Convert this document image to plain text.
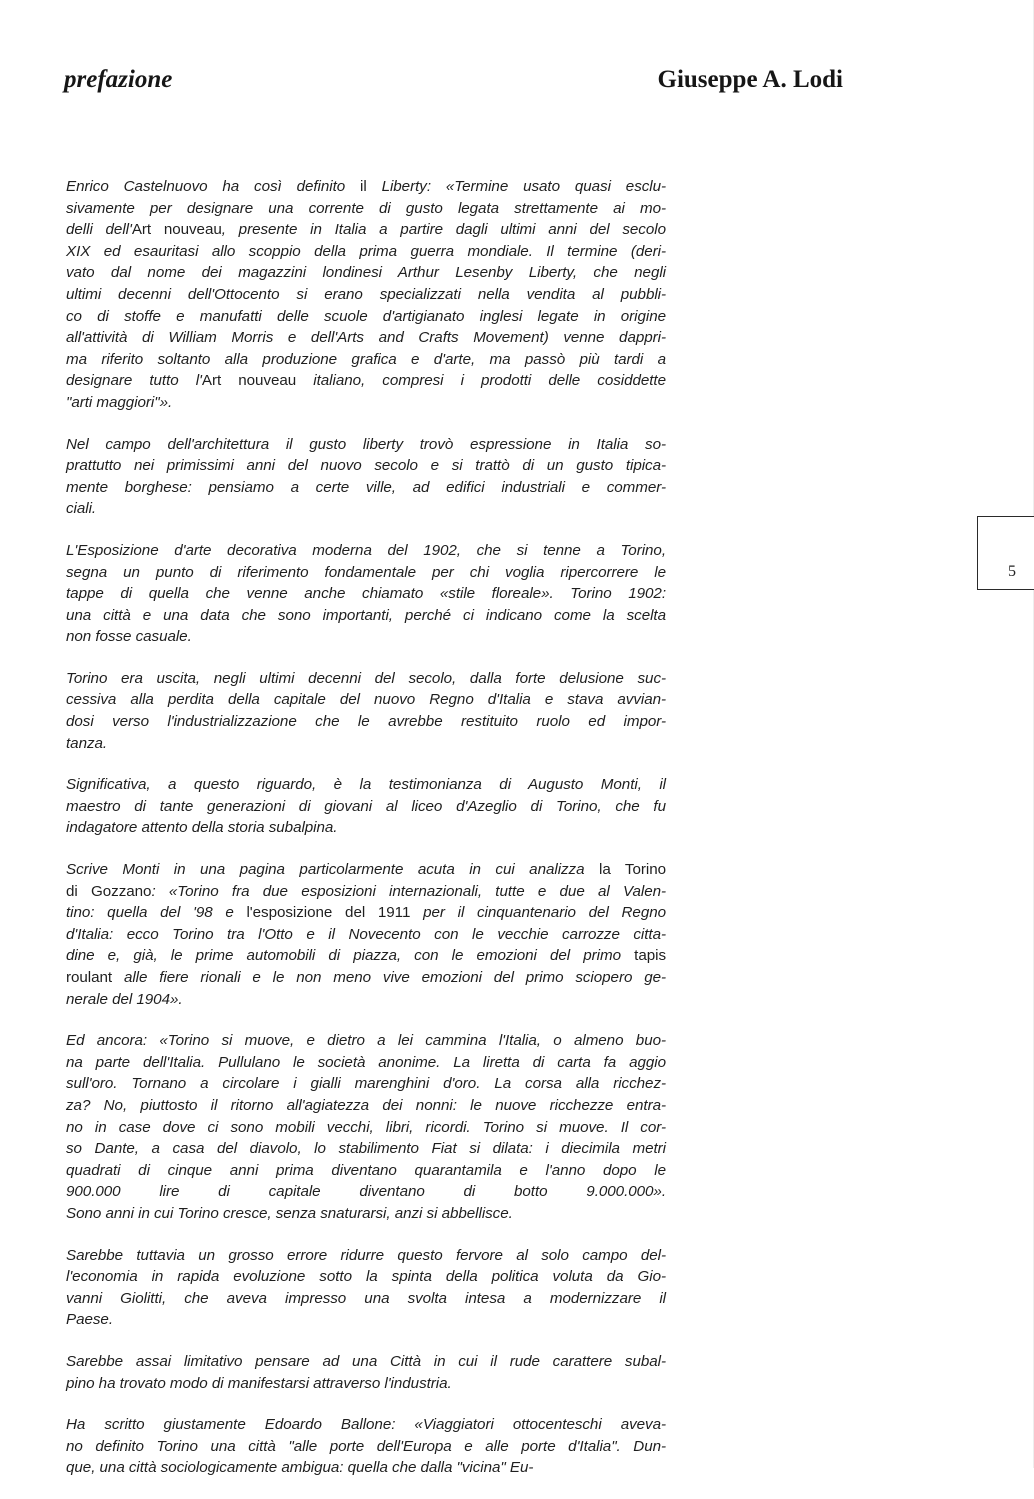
prefazione	Giuseppe A. Lodi

Enrico Castelnuovo ha così definito il Liberty: «Termine usato quasi esclu-
sivamente per designare una corrente di gusto legata strettamente ai mo-
delli dell'Art nouveau, presente in Italia a partire dagli ultimi anni del secolo
XIX ed esauritasi allo scoppio della prima guerra mondiale. Il termine (deri-
vato dal nome dei magazzini londinesi Arthur Lesenby Liberty, che negli
ultimi decenni dell'Ottocento si erano specializzati nella vendita al pubbli-
co di stoffe e manufatti delle scuole d'artigianato inglesi legate in origine
all'attività di William Morris e dell'Arts and Crafts Movement) venne dappri-
ma riferito soltanto alla produzione grafica e d'arte, ma passò più tardi a
designare tutto l'Art nouveau italiano, compresi i prodotti delle cosiddette
"arti maggiori"».

Nel campo dell'architettura il gusto liberty trovò espressione in Italia so-
prattutto nei primissimi anni del nuovo secolo e si trattò di un gusto tipica-
mente borghese: pensiamo a certe ville, ad edifici industriali e commer-
ciali.

L'Esposizione d'arte decorativa moderna del 1902, che si tenne a Torino,
segna un punto di riferimento fondamentale per chi voglia ripercorrere le
tappe di quella che venne anche chiamato «stile floreale». Torino 1902:
una città e una data che sono importanti, perché ci indicano come la scelta
non fosse casuale.

Torino era uscita, negli ultimi decenni del secolo, dalla forte delusione suc-
cessiva alla perdita della capitale del nuovo Regno d'Italia e stava avvian-
dosi verso l'industrializzazione che le avrebbe restituito ruolo ed impor-
tanza.

Significativa, a questo riguardo, è la testimonianza di Augusto Monti, il
maestro di tante generazioni di giovani al liceo d'Azeglio di Torino, che fu
indagatore attento della storia subalpina.

Scrive Monti in una pagina particolarmente acuta in cui analizza la Torino
di Gozzano: «Torino fra due esposizioni internazionali, tutte e due al Valen-
tino: quella del '98 e l'esposizione del 1911 per il cinquantenario del Regno
d'Italia: ecco Torino tra l'Otto e il Novecento con le vecchie carrozze citta-
dine e, già, le prime automobili di piazza, con le emozioni del primo tapis
roulant alle fiere rionali e le non meno vive emozioni del primo sciopero ge-
nerale del 1904».

Ed ancora: «Torino si muove, e dietro a lei cammina l'Italia, o almeno buo-
na parte dell'Italia. Pullulano le società anonime. La liretta di carta fa aggio
sull'oro. Tornano a circolare i gialli marenghini d'oro. La corsa alla ricchez-
za? No, piuttosto il ritorno all'agiatezza dei nonni: le nuove ricchezze entra-
no in case dove ci sono mobili vecchi, libri, ricordi. Torino si muove. Il cor-
so Dante, a casa del diavolo, lo stabilimento Fiat si dilata: i diecimila metri
quadrati di cinque anni prima diventano quarantamila e l'anno dopo le
900.000 lire di capitale diventano di botto 9.000.000».
Sono anni in cui Torino cresce, senza snaturarsi, anzi si abbellisce.

Sarebbe tuttavia un grosso errore ridurre questo fervore al solo campo del-
l'economia in rapida evoluzione sotto la spinta della politica voluta da Gio-
vanni Giolitti, che aveva impresso una svolta intesa a modernizzare il
Paese.

Sarebbe assai limitativo pensare ad una Città in cui il rude carattere subal-
pino ha trovato modo di manifestarsi attraverso l'industria.

Ha scritto giustamente Edoardo Ballone: «Viaggiatori ottocenteschi aveva-
no definito Torino una città "alle porte dell'Europa e alle porte d'Italia". Dun-
que, una città sociologicamente ambigua: quella che dalla "vicina" Eu-

5
